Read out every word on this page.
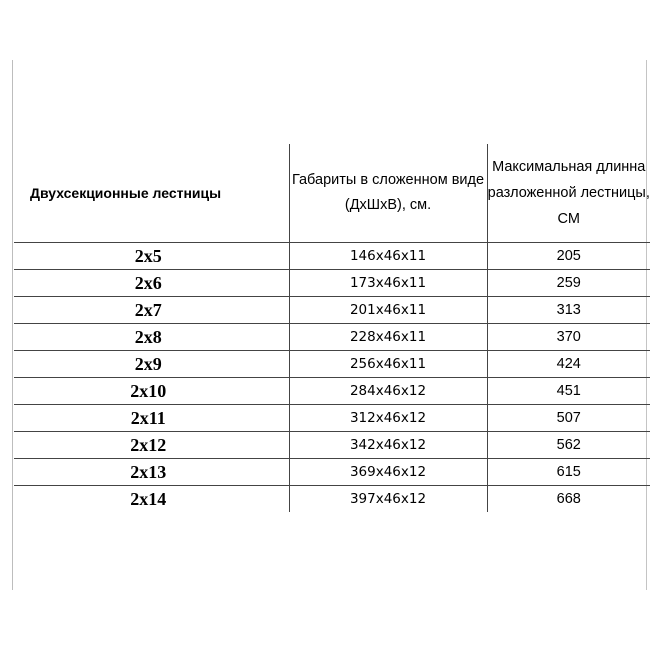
Двухсекционные лестницы	Габариты в сложенном виде (ДхШхВ), см.	Максимальная длинна разложенной лестницы, СМ
2х5	146х46х11	205
2х6	173х46х11	259
2х7	201х46х11	313
2х8	228х46х11	370
2х9	256х46х11	424
2х10	284х46х12	451
2х11	312х46х12	507
2х12	342х46х12	562
2х13	369х46х12	615
2х14	397х46х12	668
